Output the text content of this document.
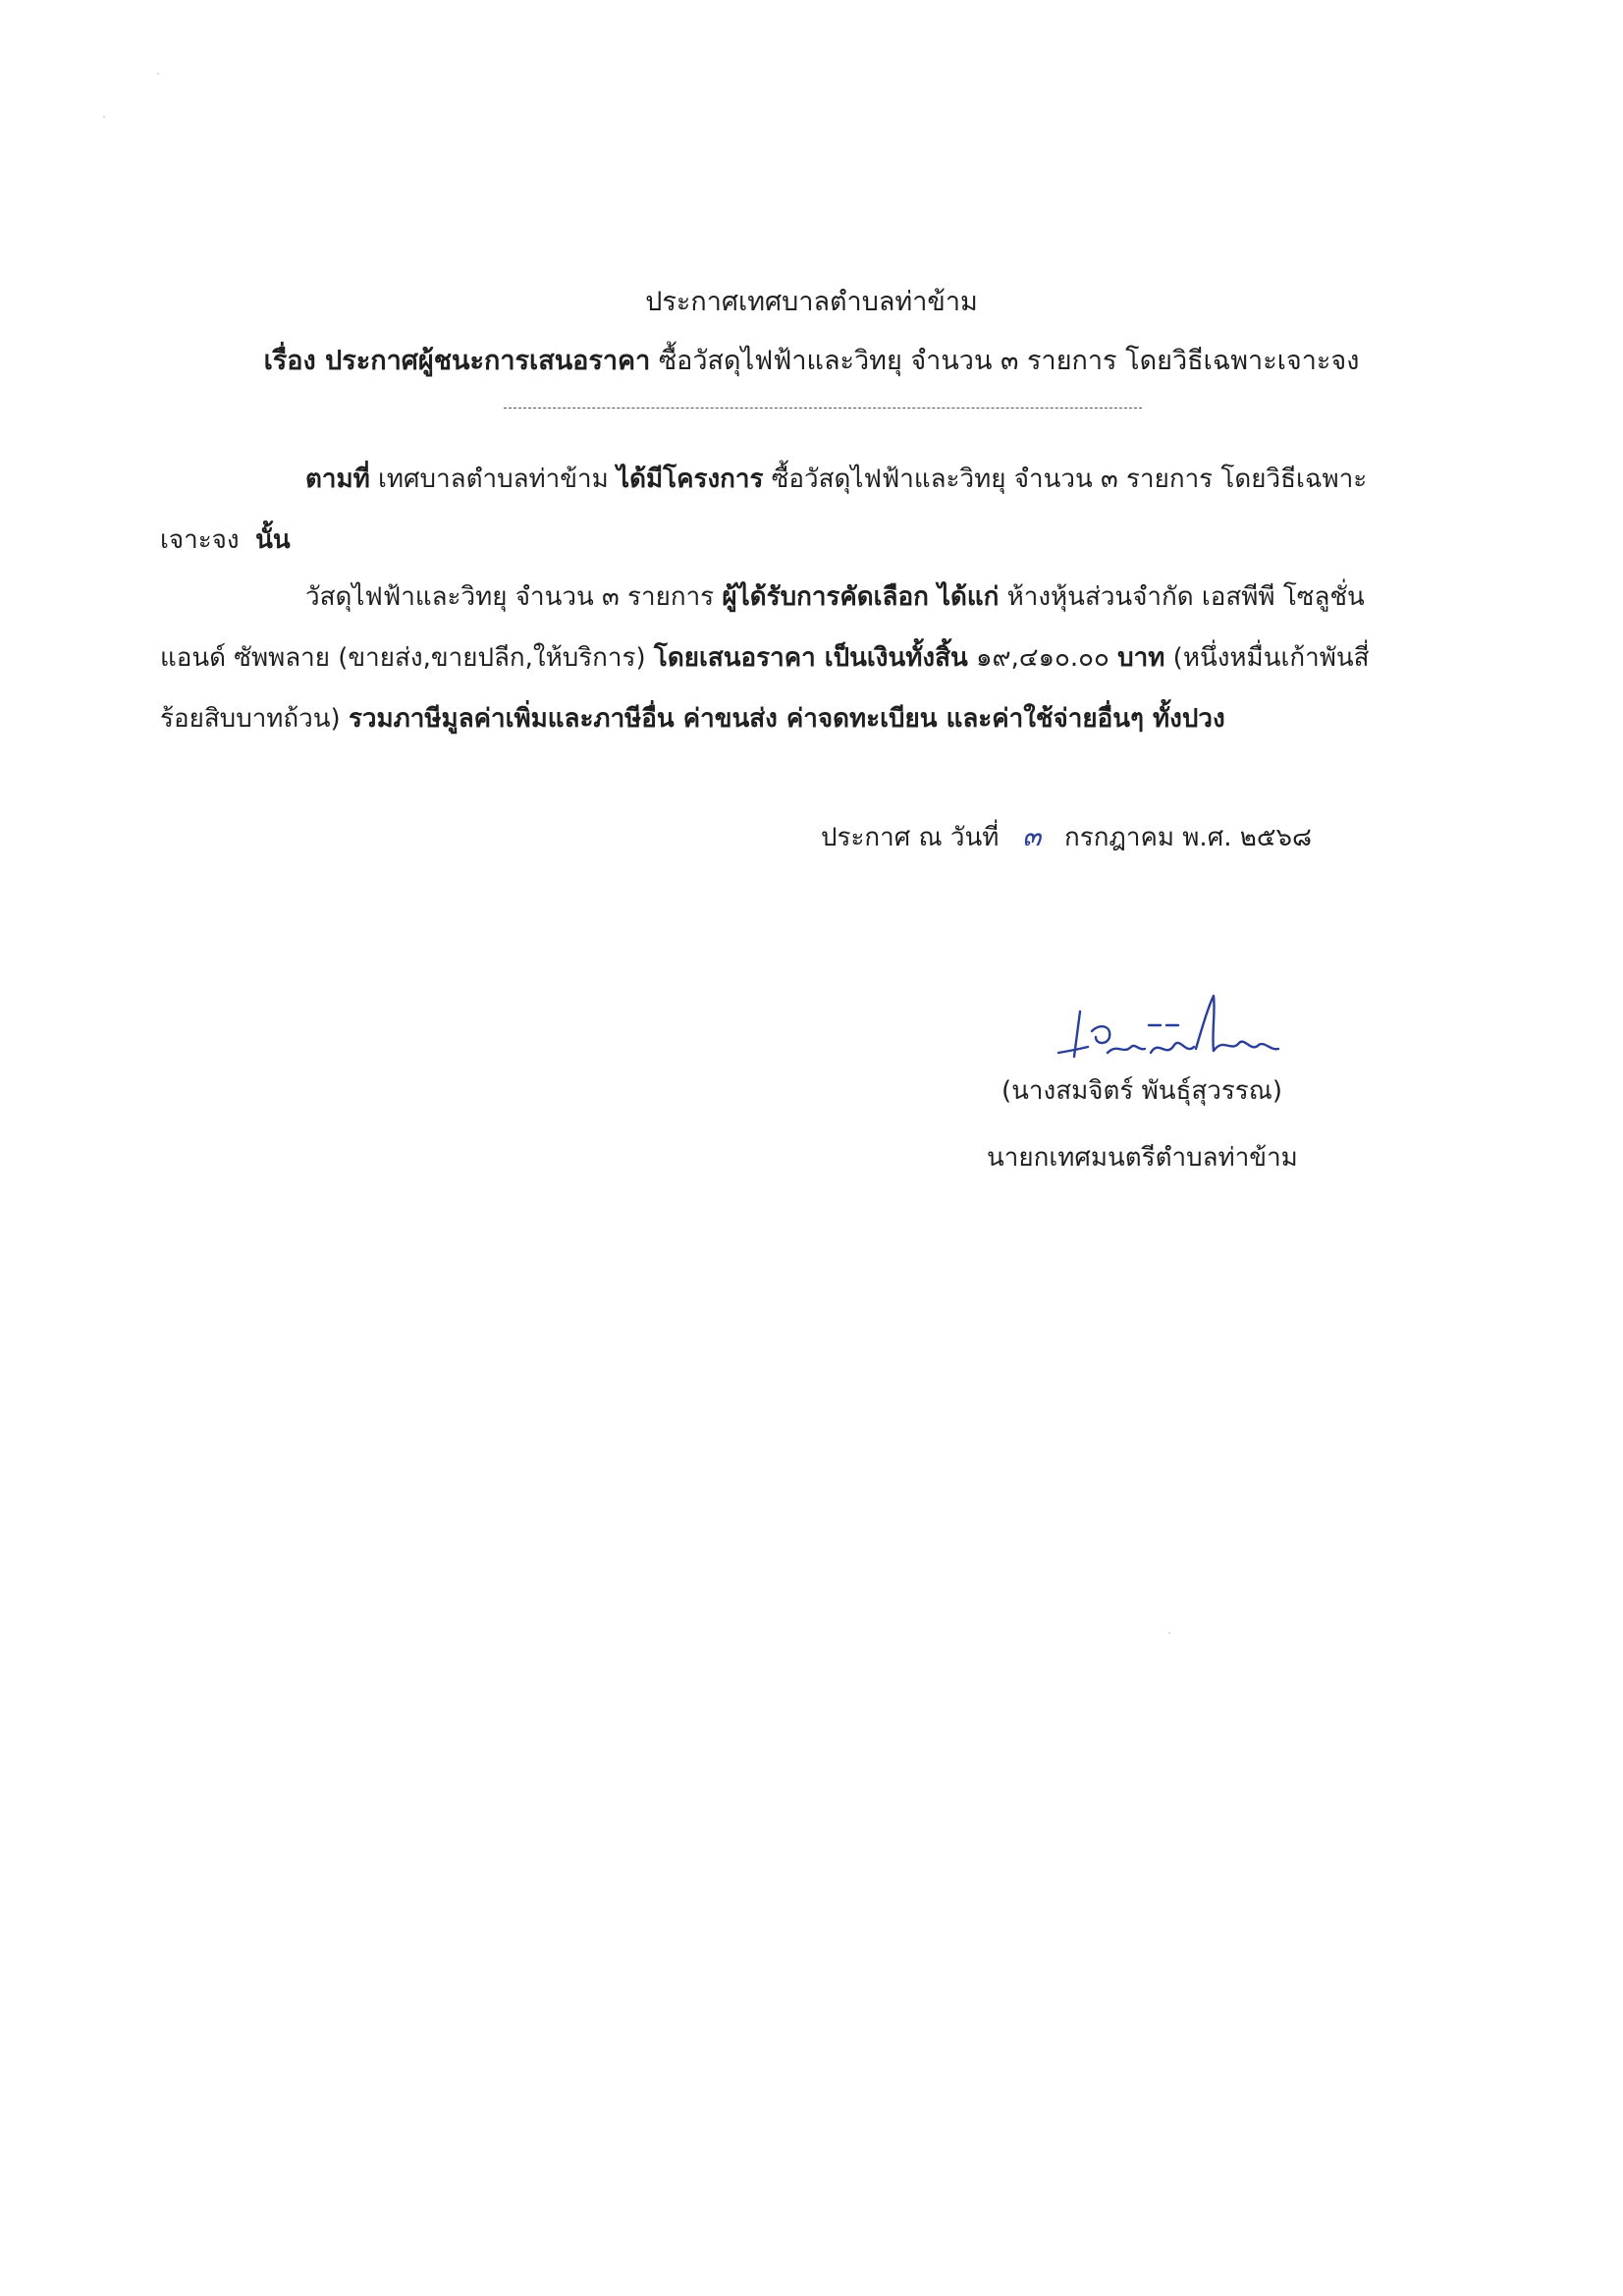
ประกาศเทศบาลตำบลท่าข้าม
เรื่อง ประกาศผู้ชนะการเสนอราคา ซื้อวัสดุไฟฟ้าและวิทยุ จำนวน ๓ รายการ โดยวิธีเฉพาะเจาะจง
ตามที่ เทศบาลตำบลท่าข้าม ได้มีโครงการ ซื้อวัสดุไฟฟ้าและวิทยุ จำนวน ๓ รายการ โดยวิธีเฉพาะ
เจาะจง นั้น
วัสดุไฟฟ้าและวิทยุ จำนวน ๓ รายการ ผู้ได้รับการคัดเลือก ได้แก่ ห้างหุ้นส่วนจำกัด เอสพีพี โซลูชั่น
แอนด์ ซัพพลาย (ขายส่ง,ขายปลีก,ให้บริการ) โดยเสนอราคา เป็นเงินทั้งสิ้น ๑๙,๔๑๐.๐๐ บาท (หนึ่งหมื่นเก้าพันสี่
ร้อยสิบบาทถ้วน) รวมภาษีมูลค่าเพิ่มและภาษีอื่น ค่าขนส่ง ค่าจดทะเบียน และค่าใช้จ่ายอื่นๆ ทั้งปวง
ประกาศ ณ วันที่ ๓ กรกฎาคม พ.ศ. ๒๕๖๘
(นางสมจิตร์ พันธุ์สุวรรณ)
นายกเทศมนตรีตำบลท่าข้าม
